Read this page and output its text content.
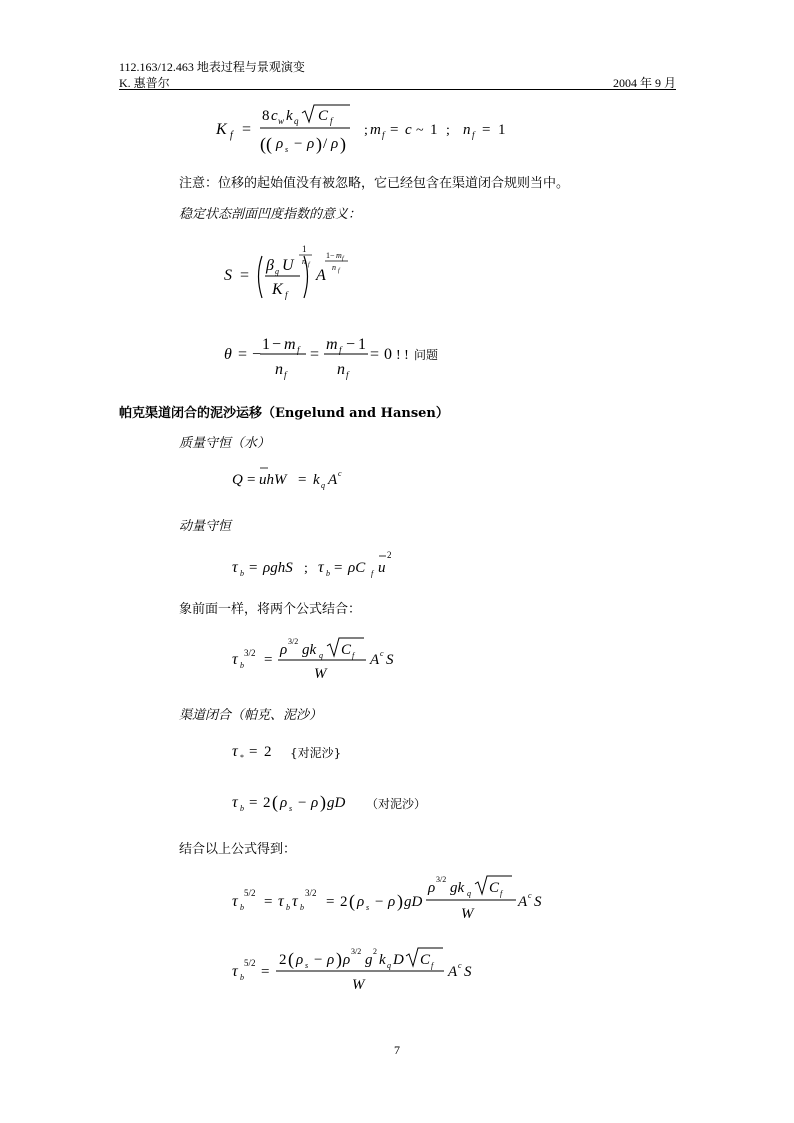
112.163/12.463 地表过程与景观演变
K. 惠普尔	2004 年 9 月
K f =
8 c w k q C f
(( ρ s − ρ ) / ρ )
; m f = c ~ 1 ; n f = 1
注意：位移的起始值没有被忽略，它已经包含在渠道闭合规则当中。
稳定状态剖面凹度指数的意义：
S =
β g U
K f
1
n f
A
1− m f
n f
θ = −
1 − m f
n f
=
m f − 1
n f
= 0 ! ! 问题
帕克渠道闭合的泥沙运移（Engelund and Hansen）
质量守恒（水）
Q = uhW = k q A c
动量守恒
τ b = ρghS ; τ b = ρC f u
2
象前面一样，将两个公式结合：
τ b
3/2 =
ρ
3/2
gk q C f
W
A c S
渠道闭合（帕克、泥沙）
τ * = 2 {对泥沙}
τ b = 2 ( ρ s − ρ ) gD （对泥沙）
结合以上公式得到：
τ b
5/2
= τ b τ b
3/2
= 2 ( ρ s − ρ ) gD
ρ
3/2
gk q C f
W
A c S
τ b
5/2
=
2 ( ρ s − ρ ) ρ
3/2
g
2
k q D C f
W
A c S
7
